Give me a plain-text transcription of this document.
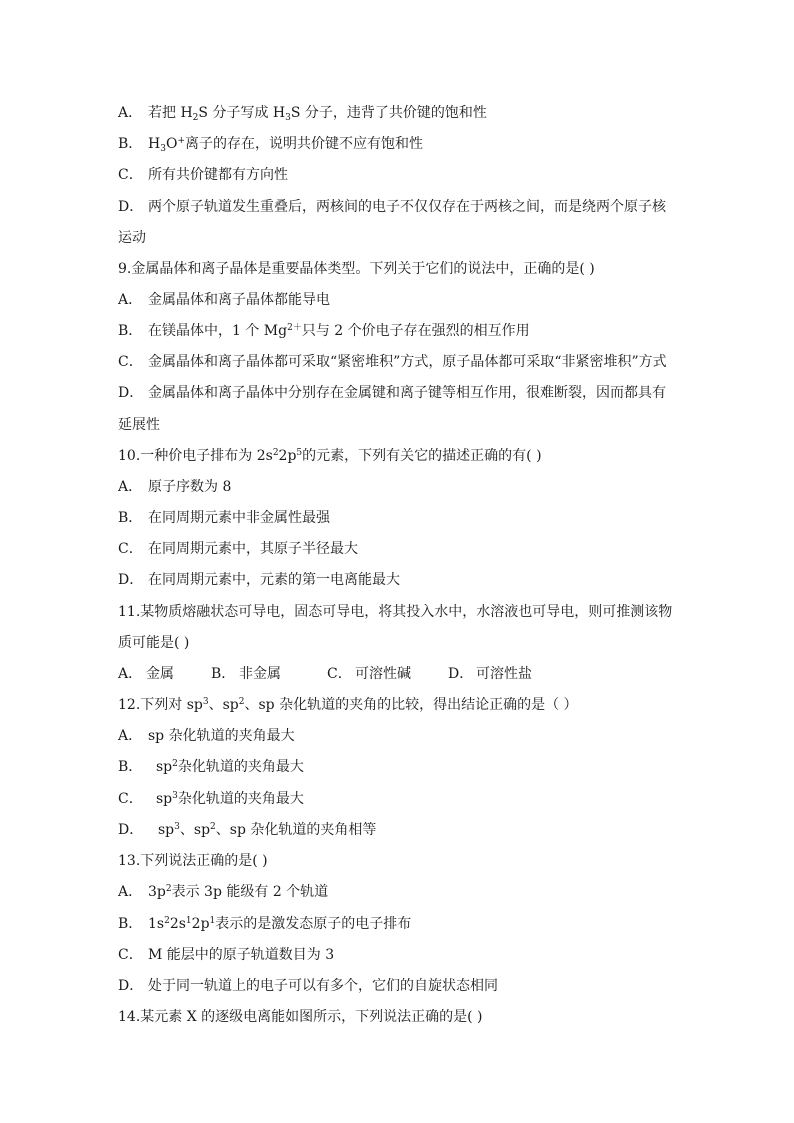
A． 若把 $H_2S$ 分子写成 $H_3S$ 分子，违背了共价键的饱和性
B． $H_3O^+$离子的存在，说明共价键不应有饱和性
C． 所有共价键都有方向性
D． 两个原子轨道发生重叠后，两核间的电子不仅仅存在于两核之间，而是绕两个原子核
运动
9.金属晶体和离子晶体是重要晶体类型。下列关于它们的说法中，正确的是( )
A． 金属晶体和离子晶体都能导电
B． 在镁晶体中，1 个 $Mg^{2+}$只与 2 个价电子存在强烈的相互作用
C． 金属晶体和离子晶体都可采取“紧密堆积”方式，原子晶体都可采取“非紧密堆积”方式
D． 金属晶体和离子晶体中分别存在金属键和离子键等相互作用，很难断裂，因而都具有
延展性
10.一种价电子排布为 $2s^22p^5$的元素，下列有关它的描述正确的有( )
A． 原子序数为 8
B． 在同周期元素中非金属性最强
C． 在同周期元素中，其原子半径最大
D． 在同周期元素中，元素的第一电离能最大
11.某物质熔融状态可导电，固态可导电，将其投入水中，水溶液也可导电，则可推测该物
质可能是( )
A． 金属	B． 非金属	C． 可溶性碱	D． 可溶性盐
12.下列对 $sp^3$、$sp^2$、sp 杂化轨道的夹角的比较，得出结论正确的是（ ）
A． sp 杂化轨道的夹角最大
B． $sp^2$杂化轨道的夹角最大
C． $sp^3$杂化轨道的夹角最大
D． $sp^3$、$sp^2$、sp 杂化轨道的夹角相等
13.下列说法正确的是( )
A． $3p^2$表示 3p 能级有 2 个轨道
B． $1s^22s^12p^1$表示的是激发态原子的电子排布
C． M 能层中的原子轨道数目为 3
D． 处于同一轨道上的电子可以有多个，它们的自旋状态相同
14.某元素 X 的逐级电离能如图所示，下列说法正确的是( )
